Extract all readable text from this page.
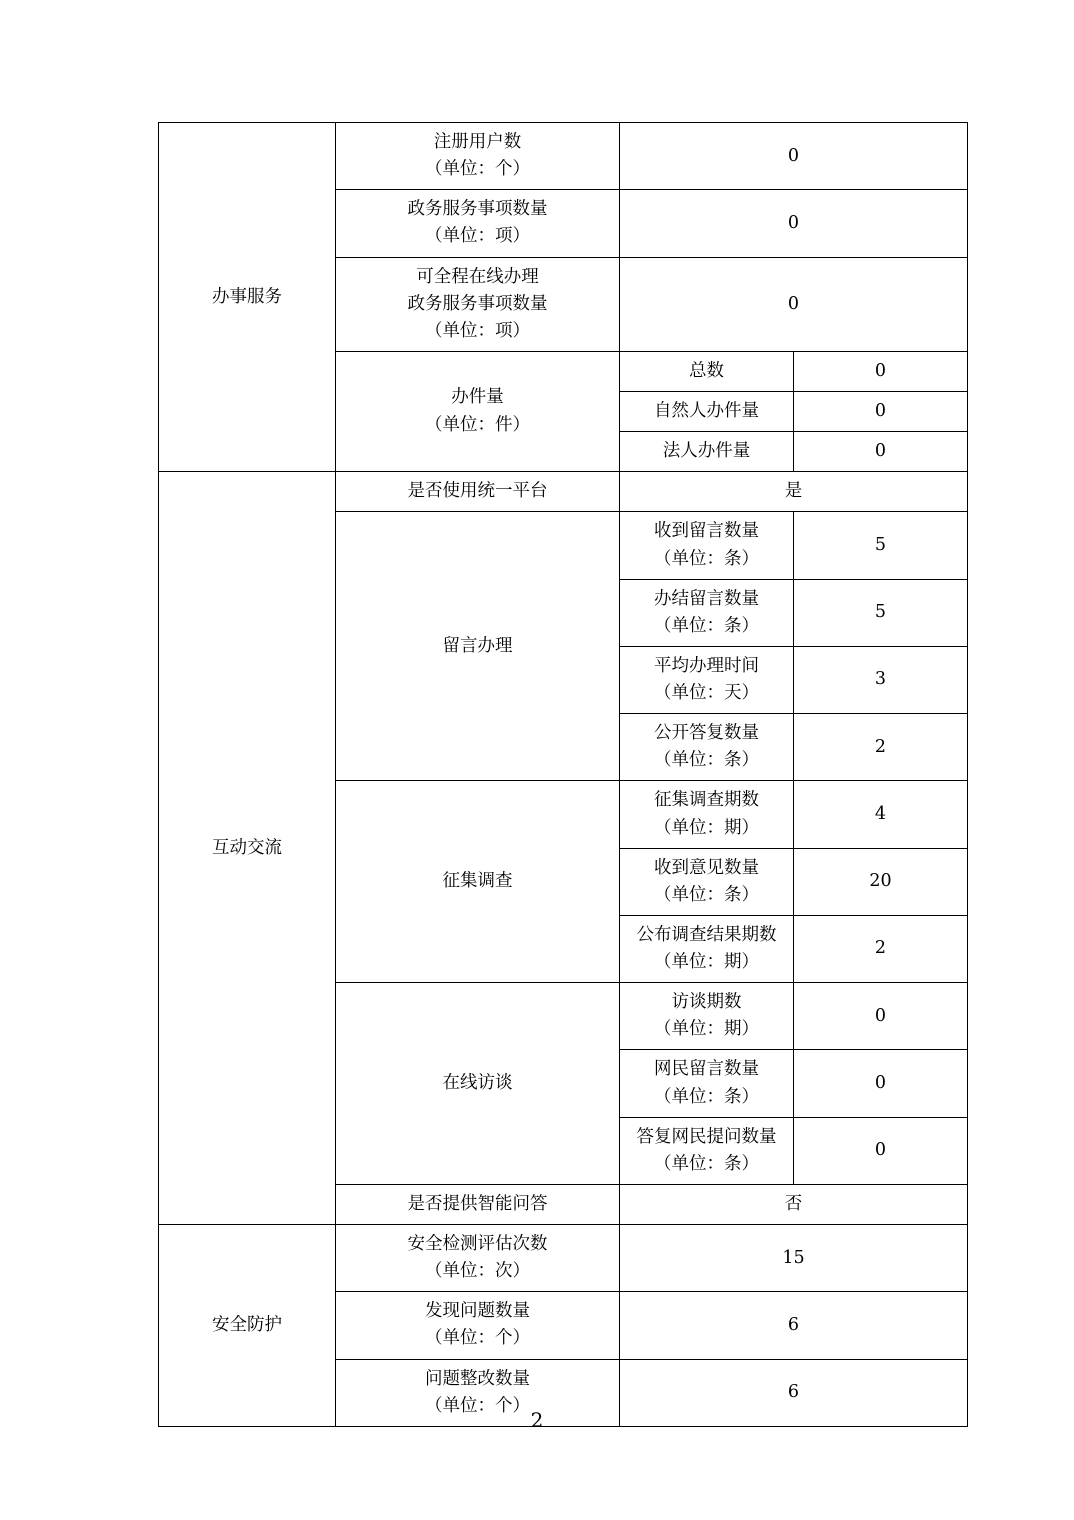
办事服务	注册用户数
（单位：个）	0	

	政务服务事项数量
（单位：项）	0	

	可全程在线办理
政务服务事项数量
（单位：项）	0	

	办件量
（单位：件）	总数	0
		自然人办件量	0
		法人办件量	0
互动交流	是否使用统一平台	是	
	留言办理	收到留言数量
（单位：条）	5

		办结留言数量
（单位：条）	5

		平均办理时间
（单位：天）	3

		公开答复数量
（单位：条）	2
	征集调查	征集调查期数
（单位：期）	4

		收到意见数量
（单位：条）	20

		公布调查结果期数
（单位：期）	2
	在线访谈	访谈期数
（单位：期）	0

		网民留言数量
（单位：条）	0

		答复网民提问数量
（单位：条）	0
	是否提供智能问答	否	
安全防护	安全检测评估次数
（单位：次）	15	

	发现问题数量
（单位：个）	6	

	问题整改数量
（单位：个）	6	
2
